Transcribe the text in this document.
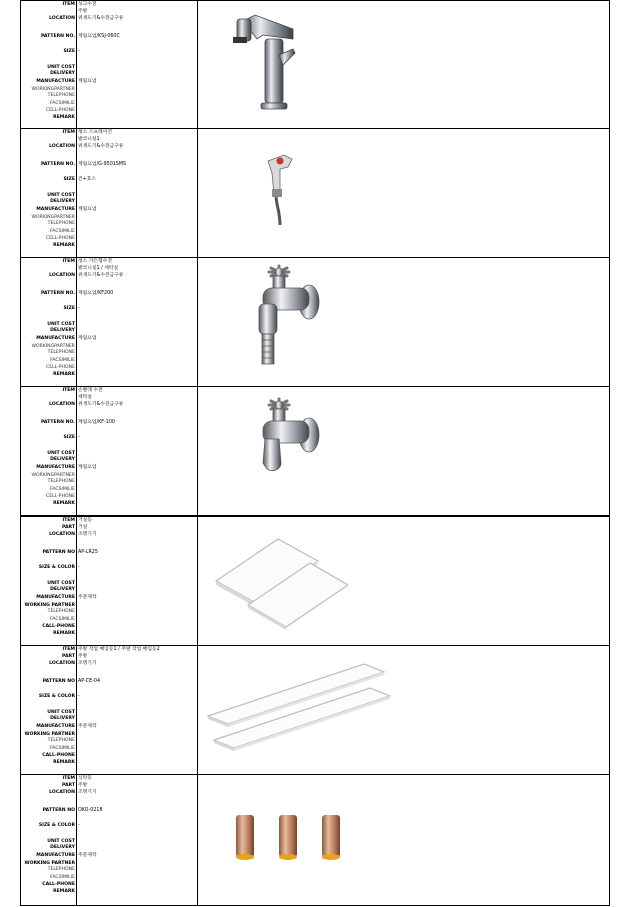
ITEM
LOCATION
PATTERN NO.
SIZE
UNIT COST
DELIVERY
MANUFACTURE
WORKINGPARTNER
TELEPHONE
FACSIMILIE
CELL-PHONE
REMARK
싱크수전
주방
위생도기&수전금구류
계림요업/KSJ-060C
-
계림요업
ITEM
LOCATION
PATTERN NO.
SIZE
UNIT COST
DELIVERY
MANUFACTURE
WORKINGPARTNER
TELEPHONE
FACSIMILIE
CELL-PHONE
REMARK
청소 스프레이건
발코니실1
위생도기&수전금구류
계림요업/G-9501SMS
건+호스
계림요업
ITEM
LOCATION
PATTERN NO.
SIZE
UNIT COST
DELIVERY
MANUFACTURE
WORKINGPARTNER
TELEPHONE
FACSIMILIE
CELL-PHONE
REMARK
청소 가든형수전
발코니실1 / 세탁실
위생도기&수전금구류
계림요업/KF200
-
계림요업
ITEM
LOCATION
PATTERN NO.
SIZE
UNIT COST
DELIVERY
MANUFACTURE
WORKINGPARTNER
TELEPHONE
FACSIMILIE
CELL-PHONE
REMARK
손빨래 수전
세탁실
위생도기&수전금구류
계림요업/KF-100
-
계림요업
ITEM
PART
LOCATION
PATTERN NO
SIZE & COLOR
UNIT COST
DELIVERY
MANUFACTURE
WORKING PARTNER
TELEPHONE
FACSIMILIE
CALL-PHONE
REMARK
거실등
거실
조명기기
AP-LR25
-
주문제작
ITEM
PART
LOCATION
PATTERN NO
SIZE & COLOR
UNIT COST
DELIVERY
MANUFACTURE
WORKING PARTNER
TELEPHONE
FACSIMILIE
CALL-PHONE
REMARK
주방 작업 매입등1 / 주방 작업 매입등2
주방
조명기기
AP-CE-04
-
주문제작
ITEM
PART
LOCATION
PATTERN NO
SIZE & COLOR
UNIT COST
DELIVERY
MANUFACTURE
WORKING PARTNER
TELEPHONE
FACSIMILIE
CALL-PHONE
REMARK
식탁등
주방
조명기기
OKO-0218
-
주문제작
